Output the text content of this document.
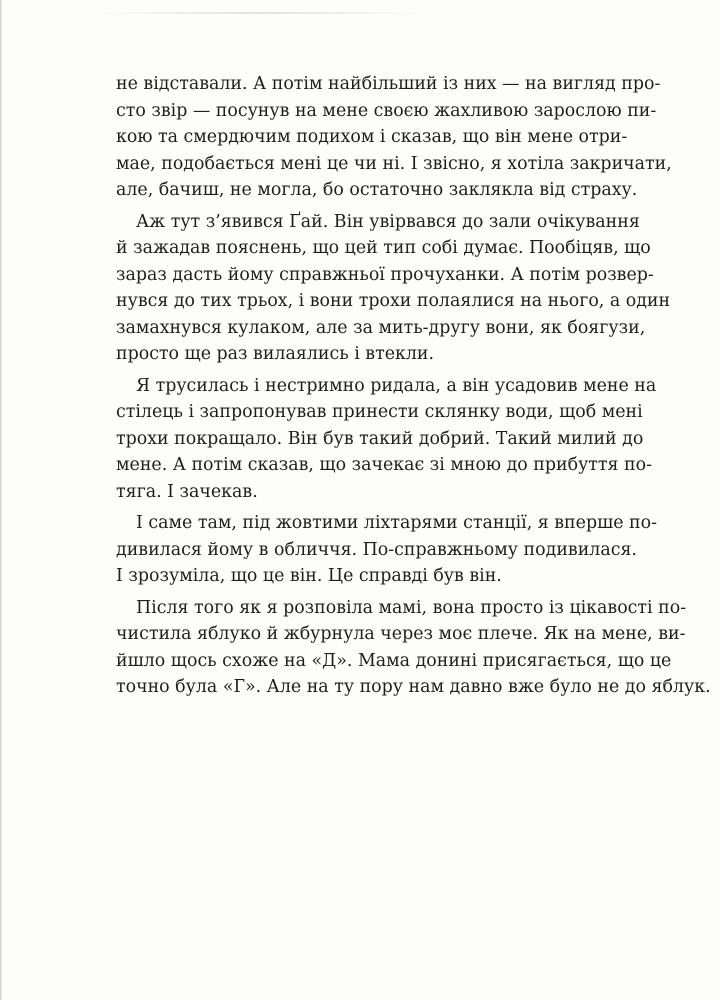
не відставали. А потім найбільший із них — на вигляд про-
сто звір — посунув на мене своєю жахливою зарослою пи-
кою та смердючим подихом і сказав, що він мене отри-
мае, подобається мені це чи ні. І звісно, я хотіла закричати,
але, бачиш, не могла, бо остаточно заклякла від страху.

Аж тут з’явився Ґай. Він увірвався до зали очікування
й зажадав пояснень, що цей тип собі думає. Пообіцяв, що
зараз дасть йому справжньої прочуханки. А потім розвер-
нувся до тих трьох, і вони трохи полаялися на нього, а один
замахнувся кулаком, але за мить-другу вони, як боягузи,
просто ще раз вилаялись і втекли.

Я трусилась і нестримно ридала, а він усадовив мене на
стілець і запропонував принести склянку води, щоб мені
трохи покращало. Він був такий добрий. Такий милий до
мене. А потім сказав, що зачекає зі мною до прибуття по-
тяга. І зачекав.

І саме там, під жовтими ліхтарями станції, я вперше по-
дивилася йому в обличчя. По-справжньому подивилася.
І зрозуміла, що це він. Це справді був він.

Після того як я розповіла мамі, вона просто із цікавості по-
чистила яблуко й жбурнула через моє плече. Як на мене, ви-
йшло щось схоже на «Д». Мама донині присягається, що це
точно була «Г». Але на ту пору нам давно вже було не до яблук.
